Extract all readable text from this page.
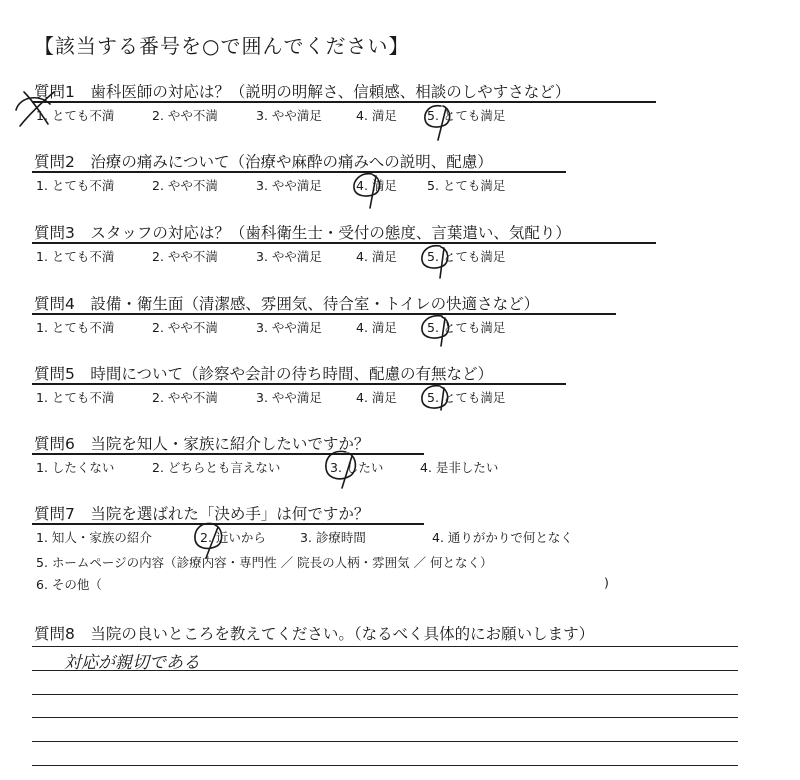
【該当する番号を○で囲んでください】
質問1　歯科医師の対応は？（説明の明解さ、信頼感、相談のしやすさなど）
1. とても不満	2. やや不満	3. やや満足	4. 満足 5. とても満足
質問2　治療の痛みについて（治療や麻酔の痛みへの説明、配慮）
1. とても不満	2. やや不満	3. やや満足	4. 満足 5. とても満足
質問3　スタッフの対応は？（歯科衛生士・受付の態度、言葉遣い、気配り）
1. とても不満	2. やや不満	3. やや満足	4. 満足 5. とても満足
質問4　設備・衛生面（清潔感、雰囲気、待合室・トイレの快適さなど）
1. とても不満	2. やや不満	3. やや満足	4. 満足 5. とても満足
質問5　時間について（診察や会計の待ち時間、配慮の有無など）
1. とても不満	2. やや不満	3. やや満足	4. 満足 5. とても満足
質問6　当院を知人・家族に紹介したいですか？
1. したくない	2. どちらとも言えない	3. したい	4. 是非したい
質問7　当院を選ばれた「決め手」は何ですか？
1. 知人・家族の紹介	2. 近いから	3. 診療時間	4. 通りがかりで何となく
5. ホームページの内容（診療内容・専門性 ／ 院長の人柄・雰囲気 ／ 何となく）
6. その他（	)
質問8　当院の良いところを教えてください。（なるべく具体的にお願いします）
対応が親切である
